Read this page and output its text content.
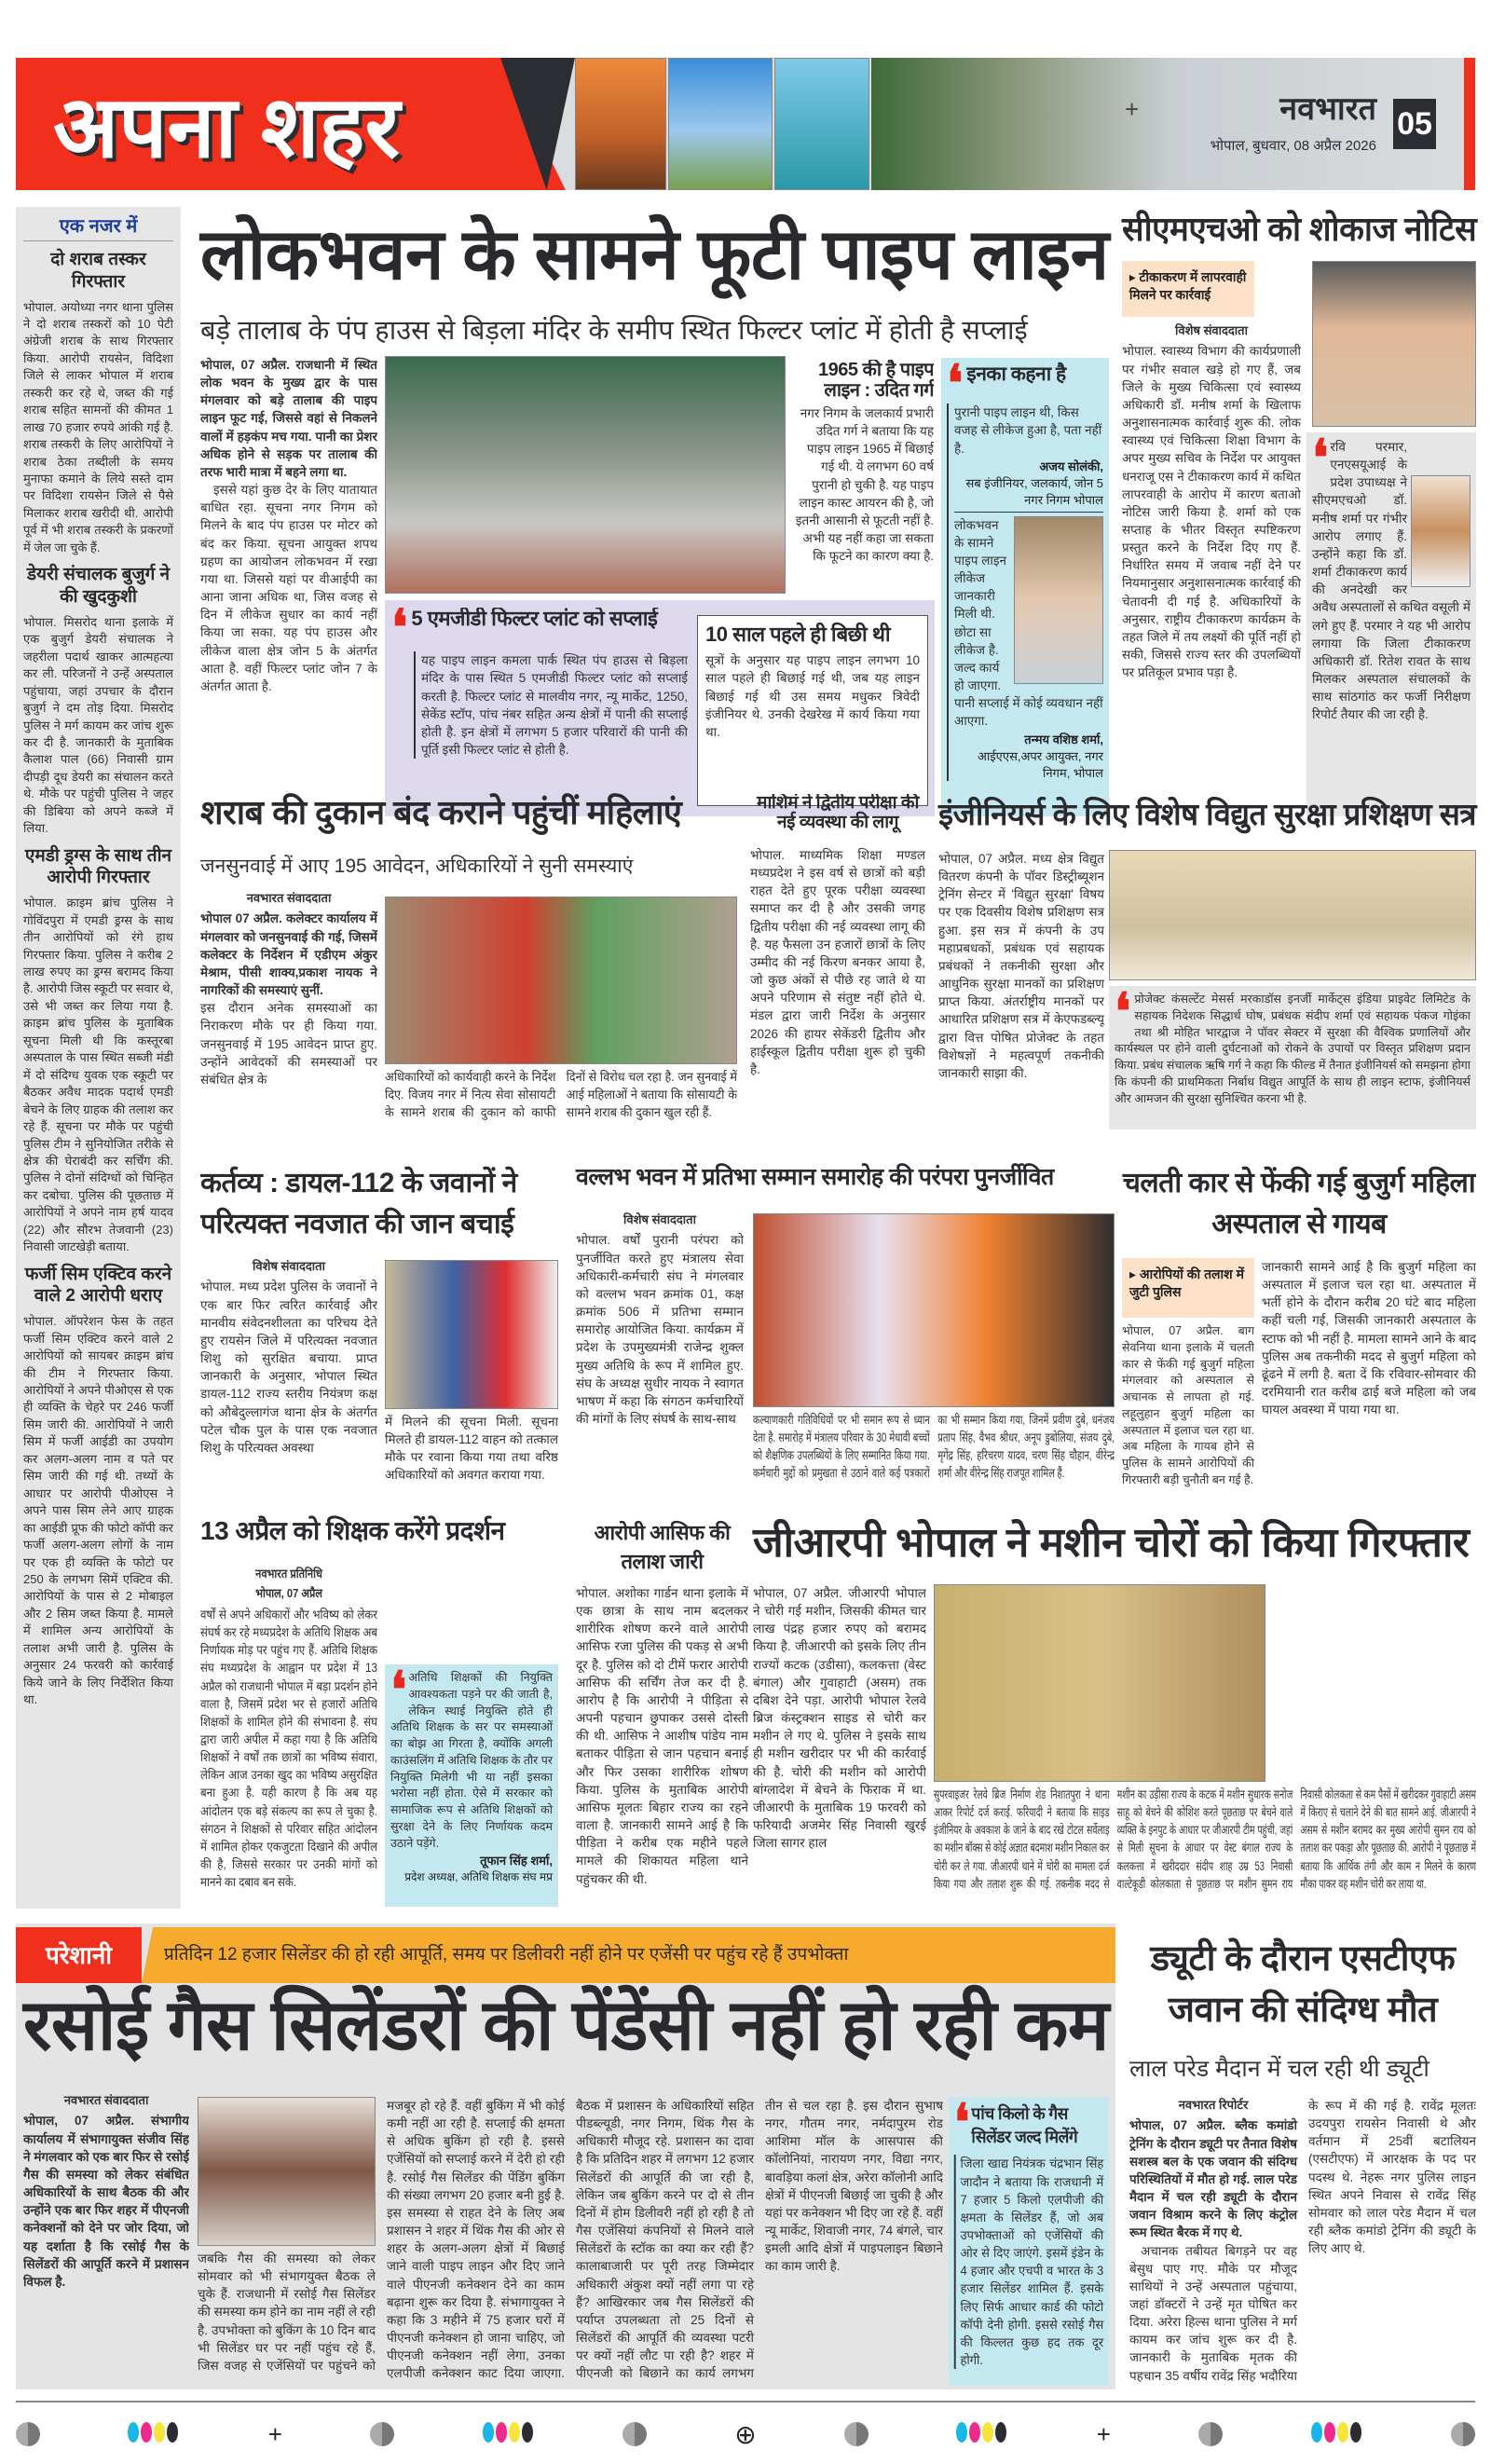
अपना शहर	+	नवभारत
भोपाल, बुधवार, 08 अप्रैल 2026
05
एक नजर में
दो शराब तस्कर गिरफ्तार
भोपाल. अयोध्या नगर थाना पुलिस ने दो शराब तस्करों को 10 पेटी अंग्रेजी शराब के साथ गिरफ्तार किया. आरोपी रायसेन, विदिशा जिले से लाकर भोपाल में शराब तस्करी कर रहे थे, जब्त की गई शराब सहित सामनों की कीमत 1 लाख 70 हजार रुपये आंकी गई है. शराब तस्करी के लिए आरोपियों ने शराब ठेका तब्दीली के समय मुनाफा कमाने के लिये सस्ते दाम पर विदिशा रायसेन जिले से पैसे मिलाकर शराब खरीदी थी. आरोपी पूर्व में भी शराब तस्करी के प्रकरणों में जेल जा चुके हैं.
डेयरी संचालक बुजुर्ग ने की खुदकुशी
भोपाल. मिसरोद थाना इलाके में एक बुजुर्ग डेयरी संचालक ने जहरीला पदार्थ खाकर आत्महत्या कर ली. परिजनों ने उन्हें अस्पताल पहुंचाया, जहां उपचार के दौरान बुजुर्ग ने दम तोड़ दिया. मिसरोद पुलिस ने मर्ग कायम कर जांच शुरू कर दी है. जानकारी के मुताबिक कैलाश पाल (66) निवासी ग्राम दीपड़ी दूध डेयरी का संचालन करते थे. मौके पर पहुंची पुलिस ने जहर की डिबिया को अपने कब्जे में लिया.
एमडी ड्रग्स के साथ तीन आरोपी गिरफ्तार
भोपाल. क्राइम ब्रांच पुलिस ने गोविंदपुरा में एमडी ड्रग्स के साथ तीन आरोपियों को रंगे हाथ गिरफ्तार किया. पुलिस ने करीब 2 लाख रुपए का ड्रग्स बरामद किया है. आरोपी जिस स्कूटी पर सवार थे, उसे भी जब्त कर लिया गया है. क्राइम ब्रांच पुलिस के मुताबिक सूचना मिली थी कि कस्तूरबा अस्पताल के पास स्थित सब्जी मंडी में दो संदिग्ध युवक एक स्कूटी पर बैठकर अवैध मादक पदार्थ एमडी बेचने के लिए ग्राहक की तलाश कर रहे हैं. सूचना पर मौके पर पहुंची पुलिस टीम ने सुनियोजित तरीके से क्षेत्र की घेराबंदी कर सर्चिंग की. पुलिस ने दोनों संदिग्धों को चिन्हित कर दबोचा. पुलिस की पूछताछ में आरोपियों ने अपने नाम हर्ष यादव (22) और सौरभ तेजवानी (23) निवासी जाटखेड़ी बताया.
फर्जी सिम एक्टिव करने वाले 2 आरोपी धराए
भोपाल. ऑपरेशन फेस के तहत फर्जी सिम एक्टिव करने वाले 2 आरोपियों को सायबर क्राइम ब्रांच की टीम ने गिरफ्तार किया. आरोपियों ने अपने पीओएस से एक ही व्यक्ति के चेहरे पर 246 फर्जी सिम जारी की. आरोपियों ने जारी सिम में फर्जी आईडी का उपयोग कर अलग-अलग नाम व पते पर सिम जारी की गई थी. तथ्यों के आधार पर आरोपी पीओएस ने अपने पास सिम लेने आए ग्राहक का आईडी प्रूफ की फोटो कॉपी कर फर्जी अलग-अलग लोगों के नाम पर एक ही व्यक्ति के फोटो पर 250 के लगभग सिमें एक्टिव की. आरोपियों के पास से 2 मोबाइल और 2 सिम जब्त किया है. मामले में शामिल अन्य आरोपियों के तलाश अभी जारी है. पुलिस के अनुसार 24 फरवरी को कार्रवाई किये जाने के लिए निर्देशित किया था.
लोकभवन के सामने फूटी पाइप लाइन
बड़े तालाब के पंप हाउस से बिड़ला मंदिर के समीप स्थित फिल्टर प्लांट में होती है सप्लाई

भोपाल, 07 अप्रैल. राजधानी में स्थित लोक भवन के मुख्य द्वार के पास मंगलवार को बड़े तालाब की पाइप लाइन फूट गई, जिससे वहां से निकलने वालों में हड़कंप मच गया. पानी का प्रेशर अधिक होने से सड़क पर तालाब की तरफ भारी मात्रा में बहने लगा था.

इससे यहां कुछ देर के लिए यातायात बाधित रहा. सूचना नगर निगम को मिलने के बाद पंप हाउस पर मोटर को बंद कर किया. सूचना आयुक्त शपथ ग्रहण का आयोजन लोकभवन में रखा गया था. जिससे यहां पर वीआईपी का आना जाना अधिक था, जिस वजह से दिन में लीकेज सुधार का कार्य नहीं किया जा सका. यह पंप हाउस और लीकेज वाला क्षेत्र जोन 5 के अंतर्गत आता है. वहीं फिल्टर प्लांट जोन 7 के अंतर्गत आता है.

1965 की है पाइप लाइन : उदित गर्ग
नगर निगम के जलकार्य प्रभारी उदित गर्ग ने बताया कि यह पाइप लाइन 1965 में बिछाई गई थी. ये लगभग 60 वर्ष पुरानी हो चुकी है. यह पाइप लाइन कास्ट आयरन की है, जो इतनी आसानी से फूटती नहीं है. अभी यह नहीं कहा जा सकता कि फूटने का कारण क्या है.
❛ 5 एमजीडी फिल्टर प्लांट को सप्लाई
यह पाइप लाइन कमला पार्क स्थित पंप हाउस से बिड़ला मंदिर के पास स्थित 5 एमजीडी फिल्टर प्लांट को सप्लाई करती है. फिल्टर प्लांट से मालवीय नगर, न्यू मार्केट, 1250, सेकेंड स्टॉप, पांच नंबर सहित अन्य क्षेत्रों में पानी की सप्लाई होती है. इन क्षेत्रों में लगभग 5 हजार परिवारों की पानी की पूर्ति इसी फिल्टर प्लांट से होती है.
10 साल पहले ही बिछी थी
सूत्रों के अनुसार यह पाइप लाइन लगभग 10 साल पहले ही बिछाई गई थी, जब यह लाइन बिछाई गई थी उस समय मधुकर त्रिवेदी इंजीनियर थे. उनकी देखरेख में कार्य किया गया था.
❛ इनका कहना है
पुरानी पाइप लाइन थी, किस वजह से लीकेज हुआ है, पता नहीं है.
अजय सोलंकी,
सब इंजीनियर, जलकार्य, जोन 5 नगर निगम भोपाल
लोकभवन के सामने पाइप लाइन लीकेज जानकारी मिली थी. छोटा सा लीकेज है. जल्द कार्य हो जाएगा. पानी सप्लाई में कोई व्यवधान नहीं आएगा.
तन्मय वशिष्ठ शर्मा,
आईएएस,अपर आयुक्त, नगर निगम, भोपाल
सीएमएचओ को शोकाज नोटिस
▸ टीकाकरण में लापरवाही मिलने पर कार्रवाई
विशेष संवाददाता
भोपाल. स्वास्थ्य विभाग की कार्यप्रणाली पर गंभीर सवाल खड़े हो गए हैं, जब जिले के मुख्य चिकित्सा एवं स्वास्थ्य अधिकारी डॉ. मनीष शर्मा के खिलाफ अनुशासनात्मक कार्रवाई शुरू की. लोक स्वास्थ्य एवं चिकित्सा शिक्षा विभाग के अपर मुख्य सचिव के निर्देश पर आयुक्त धनराजू एस ने टीकाकरण कार्य में कथित लापरवाही के आरोप में कारण बताओ नोटिस जारी किया है. शर्मा को एक सप्ताह के भीतर विस्तृत स्पष्टिकरण प्रस्तुत करने के निर्देश दिए गए हैं. निर्धारित समय में जवाब नहीं देने पर नियमानुसार अनुशासनात्मक कार्रवाई की चेतावनी दी गई है. अधिकारियों के अनुसार, राष्ट्रीय टीकाकरण कार्यक्रम के तहत जिले में तय लक्ष्यों की पूर्ति नहीं हो सकी, जिससे राज्य स्तर की उपलब्धियों पर प्रतिकूल प्रभाव पड़ा है.
❛ रवि परमार, एनएसयूआई के प्रदेश उपाध्यक्ष ने सीएमएचओ डॉ. मनीष शर्मा पर गंभीर आरोप लगाए हैं. उन्होंने कहा कि डॉ. शर्मा टीकाकरण कार्य की अनदेखी कर अवैध अस्पतालों से कथित वसूली में लगे हुए हैं. परमार ने यह भी आरोप लगाया कि जिला टीकाकरण अधिकारी डॉ. रितेश रावत के साथ मिलकर अस्पताल संचालकों के साथ सांठगांठ कर फर्जी निरीक्षण रिपोर्ट तैयार की जा रही है.
शराब की दुकान बंद कराने पहुंचीं महिलाएं
जनसुनवाई में आए 195 आवेदन, अधिकारियों ने सुनी समस्याएं
नवभारत संवाददाता

भोपाल 07 अप्रैल. कलेक्टर कार्यालय में मंगलवार को जनसुनवाई की गई, जिसमें कलेक्टर के निर्देशन में एडीएम अंकुर मेश्राम, पीसी शाक्य,प्रकाश नायक ने नागरिकों की समस्याएं सुनीं.

इस दौरान अनेक समस्याओं का निराकरण मौके पर ही किया गया. जनसुनवाई में 195 आवेदन प्राप्त हुए. उन्होंने आवेदकों की समस्याओं पर संबंधित क्षेत्र के	अधिकारियों को कार्यवाही करने के निर्देश दिए. विजय नगर में नित्य सेवा सोसायटी के सामने शराब की दुकान को काफी दिनों से विरोध चल रहा है. जन सुनवाई में आई महिलाओं ने बताया कि सोसायटी के सामने शराब की दुकान खुल रही हैं.
माशिमं ने द्वितीय परीक्षा की नई व्यवस्था की लागू
भोपाल. माध्यमिक शिक्षा मण्डल मध्यप्रदेश ने इस वर्ष से छात्रों को बड़ी राहत देते हुए पूरक परीक्षा व्यवस्था समाप्त कर दी है और उसकी जगह द्वितीय परीक्षा की नई व्यवस्था लागू की है. यह फैसला उन हजारों छात्रों के लिए उम्मीद की नई किरण बनकर आया है, जो कुछ अंकों से पीछे रह जाते थे या अपने परिणाम से संतुष्ट नहीं होते थे. मंडल द्वारा जारी निर्देश के अनुसार 2026 की हायर सेकेंडरी द्वितीय और हाईस्कूल द्वितीय परीक्षा शुरू हो चुकी है.
इंजीनियर्स के लिए विशेष विद्युत सुरक्षा प्रशिक्षण सत्र
भोपाल, 07 अप्रैल. मध्य क्षेत्र विद्युत वितरण कंपनी के पॉवर डिस्ट्रीब्यूशन ट्रेनिंग सेन्टर में 'विद्युत सुरक्षा' विषय पर एक दिवसीय विशेष प्रशिक्षण सत्र हुआ. इस सत्र में कंपनी के उप महाप्रबधकों, प्रबंधक एवं सहायक प्रबंधकों ने तकनीकी सुरक्षा और आधुनिक सुरक्षा मानकों का प्रशिक्षण प्राप्त किया. अंतर्राष्ट्रीय मानकों पर आधारित प्रशिक्षण सत्र में केएफडब्ल्यू द्वारा वित्त पोषित प्रोजेक्ट के तहत विशेषज्ञों ने महत्वपूर्ण तकनीकी जानकारी साझा की.
❛ प्रोजेक्ट कंसल्टेंट मेसर्स मरकाडॉस इनर्जी मार्केट्स इंडिया प्राइवेट लिमिटेड के सहायक निदेशक सिद्धार्थ घोष, प्रबंधक संदीप शर्मा एवं सहायक पंकज गोइंका तथा श्री मोहित भारद्वाज ने पॉवर सेक्टर में सुरक्षा की वैश्विक प्रणालियों और कार्यस्थल पर होने वाली दुर्घटनाओं को रोकने के उपायों पर विस्तृत प्रशिक्षण प्रदान किया. प्रबंध संचालक ऋषि गर्ग ने कहा कि फील्ड में तैनात इंजीनियर्स को समझना होगा कि कंपनी की प्राथमिकता निर्बाध विद्युत आपूर्ति के साथ ही लाइन स्टाफ, इंजीनियर्स और आमजन की सुरक्षा सुनिश्चित करना भी है.
कर्तव्य : डायल-112 के जवानों ने परित्यक्त नवजात की जान बचाई
विशेष संवाददाता
भोपाल. मध्य प्रदेश पुलिस के जवानों ने एक बार फिर त्वरित कार्रवाई और मानवीय संवेदनशीलता का परिचय देते हुए रायसेन जिले में परित्यक्त नवजात शिशु को सुरक्षित बचाया. प्राप्त जानकारी के अनुसार, भोपाल स्थित डायल-112 राज्य स्तरीय नियंत्रण कक्ष को औबेदुल्लागंज थाना क्षेत्र के अंतर्गत पटेल चौक पुल के पास एक नवजात शिशु के परित्यक्त अवस्था
में मिलने की सूचना मिली. सूचना मिलते ही डायल-112 वाहन को तत्काल मौके पर रवाना किया गया तथा वरिष्ठ अधिकारियों को अवगत कराया गया.
वल्लभ भवन में प्रतिभा सम्मान समारोह की परंपरा पुनर्जीवित
विशेष संवाददाता
भोपाल. वर्षों पुरानी परंपरा को पुनर्जीवित करते हुए मंत्रालय सेवा अधिकारी-कर्मचारी संघ ने मंगलवार को वल्लभ भवन क्रमांक 01, कक्ष क्रमांक 506 में प्रतिभा सम्मान समारोह आयोजित किया. कार्यक्रम में प्रदेश के उपमुख्यमंत्री राजेन्द्र शुक्ल मुख्य अतिथि के रूप में शामिल हुए. संघ के अध्यक्ष सुधीर नायक ने स्वागत भाषण में कहा कि संगठन कर्मचारियों की मांगों के लिए संघर्ष के साथ-साथ	कल्याणकारी गतिविधियों पर भी समान रूप से ध्यान देता है. समारोह में मंत्रालय परिवार के 30 मेधावी बच्चों को शैक्षणिक उपलब्धियों के लिए सम्मानित किया गया. कर्मचारी मुद्दों को प्रमुखता से उठाने वाले कई पत्रकारों का भी सम्मान किया गया, जिनमें प्रवीण दुबे, धनंजय प्रताप सिंह, वैभव श्रीधर, अनूप डुबोलिया, संजय दुबे, मृगेंद्र सिंह, हरिचरण यादव, चरण सिंह चौहान, वीरेन्द्र शर्मा और वीरेन्द्र सिंह राजपूत शामिल हैं.
चलती कार से फेंकी गई बुजुर्ग महिला अस्पताल से गायब
▸ आरोपियों की तलाश में जुटी पुलिस
भोपाल, 07 अप्रैल. बाग सेवनिया थाना इलाके में चलती कार से फेंकी गई बुजुर्ग महिला मंगलवार को अस्पताल से अचानक से लापता हो गई. लहूलुहान बुजुर्ग महिला का अस्पताल में इलाज चल रहा था. अब महिला के गायब होने से पुलिस के सामने आरोपियों की गिरफ्तारी बड़ी चुनौती बन गई है.
जानकारी सामने आई है कि बुजुर्ग महिला का अस्पताल में इलाज चल रहा था. अस्पताल में भर्ती होने के दौरान करीब 20 घंटे बाद महिला कहीं चली गई, जिसकी जानकारी अस्पताल के स्टाफ को भी नहीं है. मामला सामने आने के बाद पुलिस अब तकनीकी मदद से बुजुर्ग महिला को ढूंढने में लगी है. बता दें कि रविवार-सोमवार की दरमियानी रात करीब ढाई बजे महिला को जब घायल अवस्था में पाया गया था.
13 अप्रैल को शिक्षक करेंगे प्रदर्शन
नवभारत प्रतिनिधि
भोपाल, 07 अप्रैल
वर्षों से अपने अधिकारों और भविष्य को लेकर संघर्ष कर रहे मध्यप्रदेश के अतिथि शिक्षक अब निर्णायक मोड़ पर पहुंच गए हैं. अतिथि शिक्षक संघ मध्यप्रदेश के आह्वान पर प्रदेश में 13 अप्रैल को राजधानी भोपाल में बड़ा प्रदर्शन होने वाला है, जिसमें प्रदेश भर से हजारों अतिथि शिक्षकों के शामिल होने की संभावना है. संघ द्वारा जारी अपील में कहा गया है कि अतिथि शिक्षकों ने वर्षों तक छात्रों का भविष्य संवारा, लेकिन आज उनका खुद का भविष्य असुरक्षित बना हुआ है. यही कारण है कि अब यह आंदोलन एक बड़े संकल्प का रूप ले चुका है. संगठन ने शिक्षकों से परिवार सहित आंदोलन में शामिल होकर एकजुटता दिखाने की अपील की है, जिससे सरकार पर उनकी मांगों को मानने का दबाव बन सके.
❛ अतिथि शिक्षकों की नियुक्ति आवश्यकता पड़ने पर की जाती है, लेकिन स्थाई नियुक्ति होते ही अतिथि शिक्षक के सर पर समस्याओं का बोझ आ गिरता है, क्योंकि अगली काउंसलिंग में अतिथि शिक्षक के तौर पर नियुक्ति मिलेगी भी या नहीं इसका भरोसा नहीं होता. ऐसे में सरकार को सामाजिक रूप से अतिथि शिक्षकों को सुरक्षा देने के लिए निर्णायक कदम उठाने पड़ेंगे.
तूफान सिंह शर्मा,
प्रदेश अध्यक्ष, अतिथि शिक्षक संघ मप्र
आरोपी आसिफ की तलाश जारी
भोपाल. अशोका गार्डन थाना इलाके में एक छात्रा के साथ नाम बदलकर शारीरिक शोषण करने वाले आरोपी आसिफ रजा पुलिस की पकड़ से अभी दूर है. पुलिस को दो टीमें फरार आरोपी आसिफ की सर्चिंग तेज कर दी है. आरोप है कि आरोपी ने पीड़िता से अपनी पहचान छुपाकर उससे दोस्ती की थी. आसिफ ने आशीष पांडेय नाम बताकर पीड़िता से जान पहचान बनाई और फिर उसका शारीरिक शोषण किया. पुलिस के मुताबिक आरोपी आसिफ मूलतः बिहार राज्य का रहने वाला है. जानकारी सामने आई है कि पीड़िता ने करीब एक महीने पहले मामले की शिकायत महिला थाने पहुंचकर की थी.
जीआरपी भोपाल ने मशीन चोरों को किया गिरफ्तार
भोपाल, 07 अप्रैल. जीआरपी भोपाल ने चोरी गई मशीन, जिसकी कीमत चार लाख पंद्रह हजार रुपए को बरामद किया है. जीआरपी को इसके लिए तीन राज्यों कटक (उडीसा), कलकत्ता (वेस्ट बंगाल) और गुवाहाटी (असम) तक दबिश देने पड़ा. आरोपी भोपाल रेलवे ब्रिज कंस्ट्रक्शन साइड से चोरी कर मशीन ले गए थे. पुलिस ने इसके साथ ही मशीन खरीदार पर भी की कार्रवाई की है. चोरी की मशीन को आरोपी बांग्लादेश में बेचने के फिराक में था. जीआरपी के मुताबिक 19 फरवरी को फरियादी अजमेर सिंह निवासी खुरई जिला सागर हाल
सुपरवाइजर रेलवे ब्रिज निर्माण शेड निशातपुरा ने थाना आकर रिपोर्ट दर्ज कराई. फरियादी ने बताया कि साइड इंजीनियर के अवकाश के जाने के बाद रखे टोटल सर्वेलाइ का मशीन बॉक्स से कोई अज्ञात बदमाश मशीन निकाल कर चोरी कर ले गया. जीआरपी थाने में चोरी का मामला दर्ज किया गया और तलाश शुरू की गई. तकनीक मदद से मशीन का उड़ीसा राज्य के कटक में मशीन सुधारक सनोज साहू को बेचने की कोशिश करते पूछताछ पर बेचने वाले व्यक्ति के इनपुट के आधार पर जीआरपी टीम पहुंची, जहां से मिली सूचना के आधार पर वेस्ट बंगाल राज्य के कलकत्ता में खरीददार संदीप शाह उम्र 53 निवासी वाल्टेकूडी कोलकाता से पूछताछ पर मशीन सुमन राय निवासी कोलकता से कम पैसों में खरीदकर गुवाहाटी असम में किराए से चलाने देने की बात सामने आई. जीआरपी ने असम से मशीन बरामद कर मुख्य आरोपी सुमन राय को तलाश कर पकड़ा और पूछताछ की. आरोपी ने पूछताछ में बताया कि आर्थिक तंगी और काम न मिलने के कारण मौका पाकर वह मशीन चोरी कर लाया था.
परेशानी	प्रतिदिन 12 हजार सिलेंडर की हो रही आपूर्ति, समय पर डिलीवरी नहीं होने पर एजेंसी पर पहुंच रहे हैं उपभोक्ता
रसोई गैस सिलेंडरों की पेंडेंसी नहीं हो रही कम
नवभारत संवाददाता
भोपाल, 07 अप्रैल. संभागीय कार्यालय में संभागायुक्त संजीव सिंह ने मंगलवार को एक बार फिर से रसोई गैस की समस्या को लेकर संबंधित अधिकारियों के साथ बैठक की और उन्होंने एक बार फिर शहर में पीएनजी कनेक्शनों को देने पर जोर दिया, जो यह दर्शाता है कि रसोई गैस के सिलेंडरों की आपूर्ति करने में प्रशासन विफल है.
जबकि गैस की समस्या को लेकर सोमवार को भी संभागयुक्त बैठक ले चुके हैं. राजधानी में रसोई गैस सिलेंडर की समस्या कम होने का नाम नहीं ले रही है. उपभोक्ता को बुकिंग के 10 दिन बाद भी सिलेंडर घर पर नहीं पहुंच रहे हैं, जिस वजह से एजेंसियों पर पहुंचने को मजबूर हो रहे हैं. वहीं बुकिंग में भी कोई कमी नहीं आ रही है. सप्लाई की क्षमता से अधिक बुकिंग हो रही है. इससे एजेंसियों को सप्लाई करने में देरी हो रही है. रसोई गैस सिलेंडर की पेंडिंग बुकिंग की संख्या लगभग 20 हजार बनी हुई है. इस समस्या से राहत देने के लिए अब प्रशासन ने शहर में थिंक गैस की ओर से शहर के अलग-अलग क्षेत्रों में बिछाई जाने वाली पाइप लाइन और दिए जाने वाले पीएनजी कनेक्शन देने का काम बढ़ाना शुरू कर दिया है. संभागायुक्त ने कहा कि 3 महीने में 75 हजार घरों में पीएनजी कनेक्शन हो जाना चाहिए, जो पीएनजी कनेक्शन नहीं लेगा, उनका एलपीजी कनेक्शन काट दिया जाएगा. बैठक में प्रशासन के अधिकारियों सहित पीडब्ल्यूडी, नगर निगम, थिंक गैस के अधिकारी मौजूद रहे. प्रशासन का दावा है कि प्रतिदिन शहर में लगभग 12 हजार सिलेंडरों की आपूर्ति की जा रही है, लेकिन जब बुकिंग करने पर दो से तीन दिनों में होम डिलीवरी नहीं हो रही है तो गैस एजेंसियां कंपनियों से मिलने वाले सिलेंडरों के स्टॉक का क्या कर रही हैं? कालाबाजारी पर पूरी तरह जिम्मेदार अधिकारी अंकुश क्यों नहीं लगा पा रहे हैं? आखिरकार जब गैस सिलेंडरों की पर्याप्त उपलब्धता तो 25 दिनों से सिलेंडरों की आपूर्ति की व्यवस्था पटरी पर क्यों नहीं लौट पा रही है? शहर में पीएनजी को बिछाने का कार्य लगभग तीन से चल रहा है. इस दौरान सुभाष नगर, गौतम नगर, नर्मदापुरम रोड आशिमा मॉल के आसपास की कॉलोनियां, नारायण नगर, विद्या नगर, बावड़िया कलां क्षेत्र, अरेरा कॉलोनी आदि क्षेत्रों में पीएनजी बिछाई जा चुकी है और यहां पर कनेक्शन भी दिए जा रहे हैं. वहीं न्यू मार्केट, शिवाजी नगर, 74 बंगले, चार इमली आदि क्षेत्रों में पाइपलाइन बिछाने का काम जारी है.
❛ पांच किलो के गैस सिलेंडर जल्द मिलेंगे
जिला खाद्य नियंत्रक चंद्रभान सिंह जादौन ने बताया कि राजधानी में 7 हजार 5 किलो एलपीजी की क्षमता के सिलेंडर हैं, जो अब उपभोक्ताओं को एजेंसियों की ओर से दिए जाएंगे. इसमें इंडेन के 4 हजार और एचपी व भारत के 3 हजार सिलेंडर शामिल हैं. इसके लिए सिर्फ आधार कार्ड की फोटो कॉपी देनी होगी. इससे रसोई गैस की किल्लत कुछ हद तक दूर होगी.
ड्यूटी के दौरान एसटीएफ जवान की संदिग्ध मौत
लाल परेड मैदान में चल रही थी ड्यूटी
नवभारत रिपोर्टर

भोपाल, 07 अप्रैल. ब्लैक कमांडो ट्रेनिंग के दौरान ड्यूटी पर तैनात विशेष सशस्त्र बल के एक जवान की संदिग्ध परिस्थितियों में मौत हो गई. लाल परेड मैदान में चल रही ड्यूटी के दौरान जवान विश्राम करने के लिए कंट्रोल रूम स्थित बैरक में गए थे.

अचानक तबीयत बिगड़ने पर वह बेसुध पाए गए. मौके पर मौजूद साथियों ने उन्हें अस्पताल पहुंचाया, जहां डॉक्टरों ने उन्हें मृत घोषित कर दिया. अरेरा हिल्स थाना पुलिस ने मर्ग कायम कर जांच शुरू कर दी है. जानकारी के मुताबिक मृतक की पहचान 35 वर्षीय रावेंद्र सिंह भदौरिया के रूप में की गई है. रावेंद्र मूलतः उदयपुरा रायसेन निवासी थे और वर्तमान में 25वीं बटालियन (एसटीएफ) में आरक्षक के पद पर पदस्थ थे. नेहरू नगर पुलिस लाइन स्थित अपने निवास से रावेंद्र सिंह सोमवार को लाल परेड मैदान में चल रही ब्लैक कमांडो ट्रेनिंग की ड्यूटी के लिए आए थे.

+	⊕	+
